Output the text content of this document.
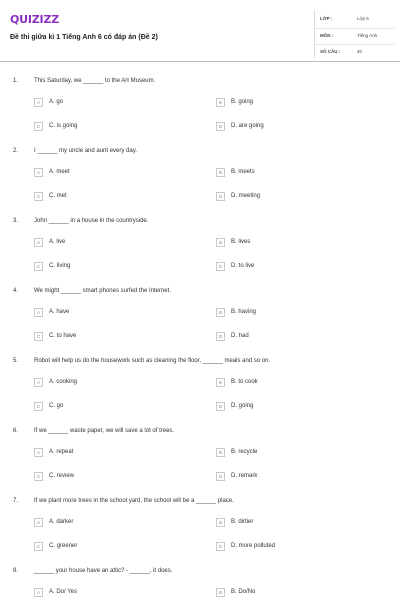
QUIZIZZ
Đề thi giữa kì 1 Tiếng Anh 6 có đáp án (Đề 2)
LỚP :	Lớp 6
MÔN :	Tiếng Anh
SỐ CÂU :	40
1.	This Saturday, we ______ to the Art Museum.
A	A. go	B	B. going
C	C. is going	D	D. are going
2.	I ______ my uncle and aunt every day.
A	A. meet	B	B. meets
C	C. met	D	D. meeting
3.	John ______ in a house in the countryside.
A	A. live	B	B. lives
C	C. living	D	D. to live
4.	We might ______ smart phones surfed the Internet.
A	A. have	B	B. having
C	C. to have	D	D. had
5.	Robot will help us do the housework such as cleaning the floor, ______ meals and so on.
A	A. cooking	B	B. to cook
C	C. go	D	D. going
6.	If we ______ waste paper, we will save a lot of trees.
A	A. repeat	B	B. recycle
C	C. review	D	D. remark
7.	If we plant more trees in the school yard, the school will be a ______ place.
A	A. darker	B	B. dirtier
C	C. greener	D	D. more polluted
8.	______ your house have an attic? - ______, it does.
A	A. Do/ Yes	B	B. Do/No
